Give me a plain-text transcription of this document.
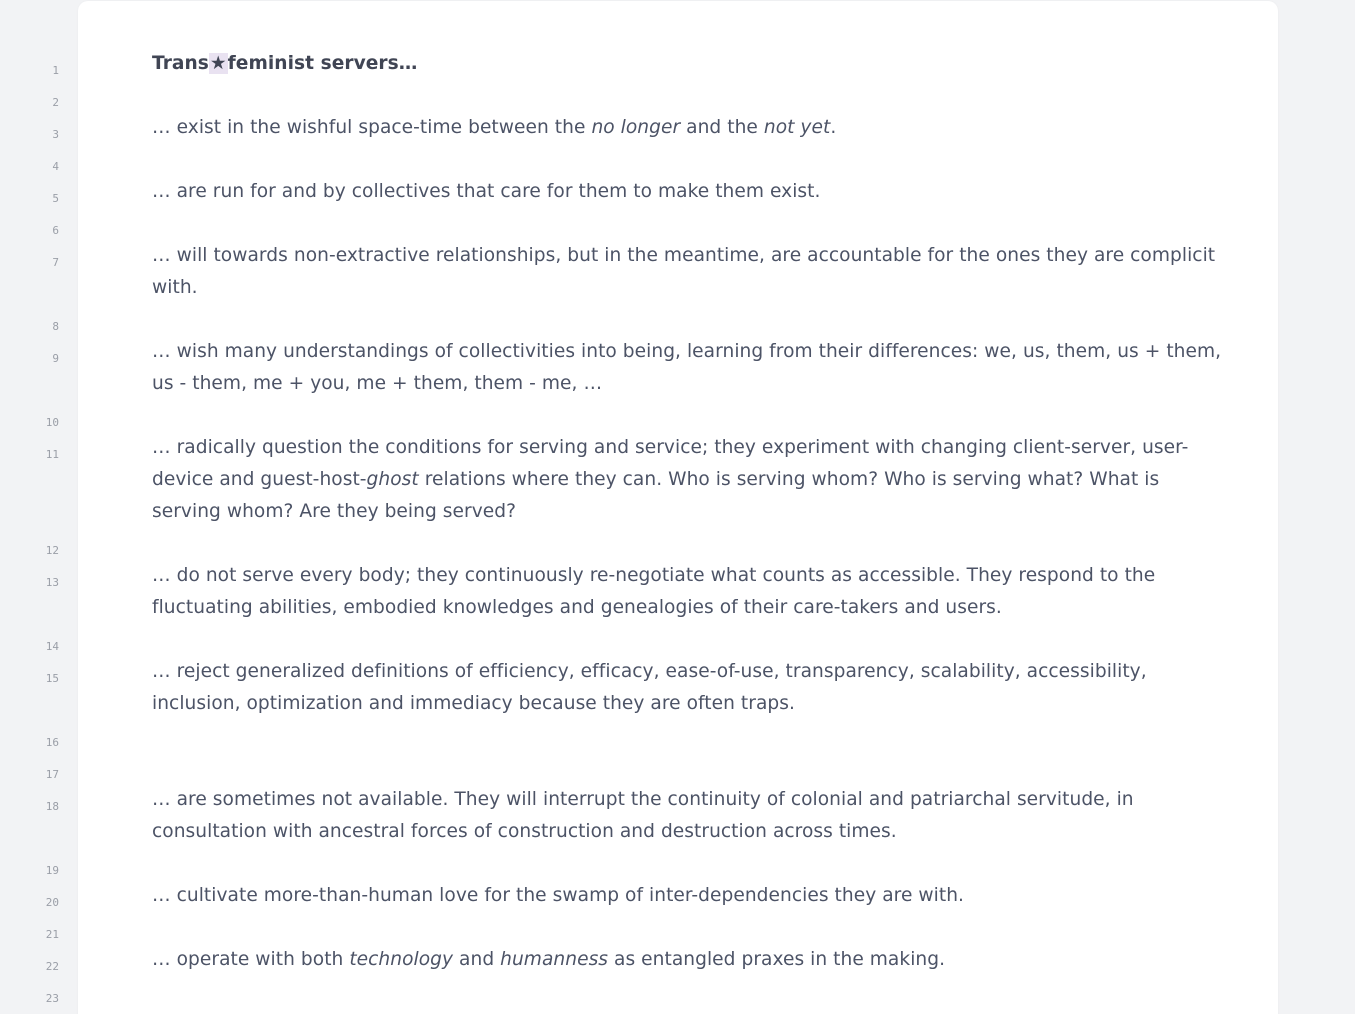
1
2
3
4
5
6
7
8
9
10
11
12
13
14
15
16
17
18
19
20
21
22
23
Trans★feminist servers…
… exist in the wishful space-time between the no longer and the not yet.
… are run for and by collectives that care for them to make them exist.
… will towards non-extractive relationships, but in the meantime, are accountable for the ones they are complicit
with.
… wish many understandings of collectivities into being, learning from their differences: we, us, them, us + them,
us - them, me + you, me + them, them - me, …
… radically question the conditions for serving and service; they experiment with changing client-server, user-
device and guest-host-ghost relations where they can. Who is serving whom? Who is serving what? What is
serving whom? Are they being served?
… do not serve every body; they continuously re-negotiate what counts as accessible. They respond to the
fluctuating abilities, embodied knowledges and genealogies of their care-takers and users.
… reject generalized definitions of efficiency, efficacy, ease-of-use, transparency, scalability, accessibility,
inclusion, optimization and immediacy because they are often traps.
… are sometimes not available. They will interrupt the continuity of colonial and patriarchal servitude, in
consultation with ancestral forces of construction and destruction across times.
… cultivate more-than-human love for the swamp of inter-dependencies they are with.
… operate with both technology and humanness as entangled praxes in the making.
